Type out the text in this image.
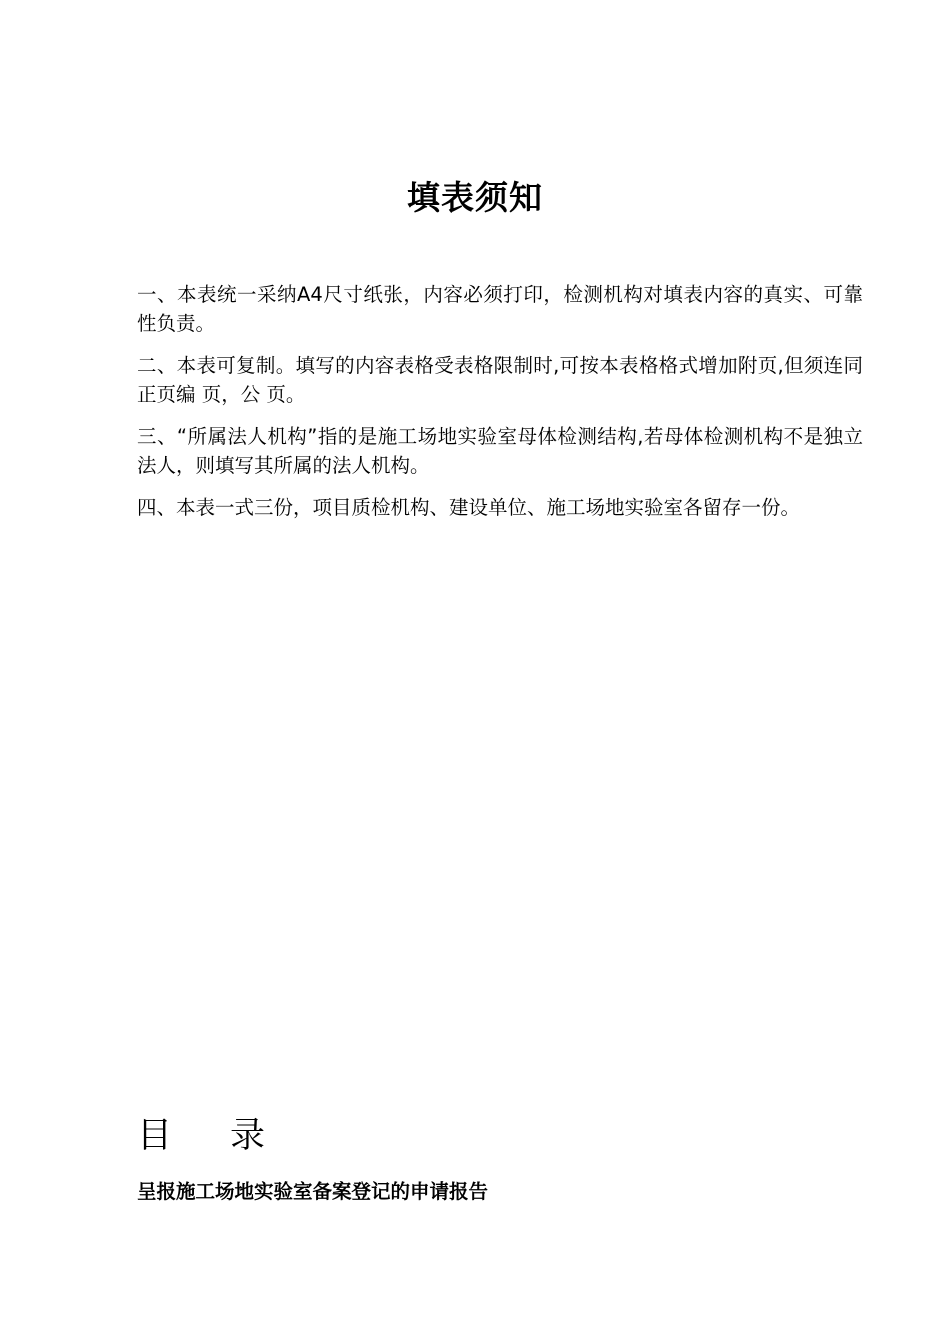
填表须知
一、本表统一采纳A4尺寸纸张，内容必须打印，检测机构对填表内容的真实、可靠性负责。
二、本表可复制。填写的内容表格受表格限制时,可按本表格格式增加附页,但须连同正页编 页，公 页。
三、“所属法人机构”指的是施工场地实验室母体检测结构,若母体检测机构不是独立法人，则填写其所属的法人机构。
四、本表一式三份，项目质检机构、建设单位、施工场地实验室各留存一份。
目 录

呈报施工场地实验室备案登记的申请报告
